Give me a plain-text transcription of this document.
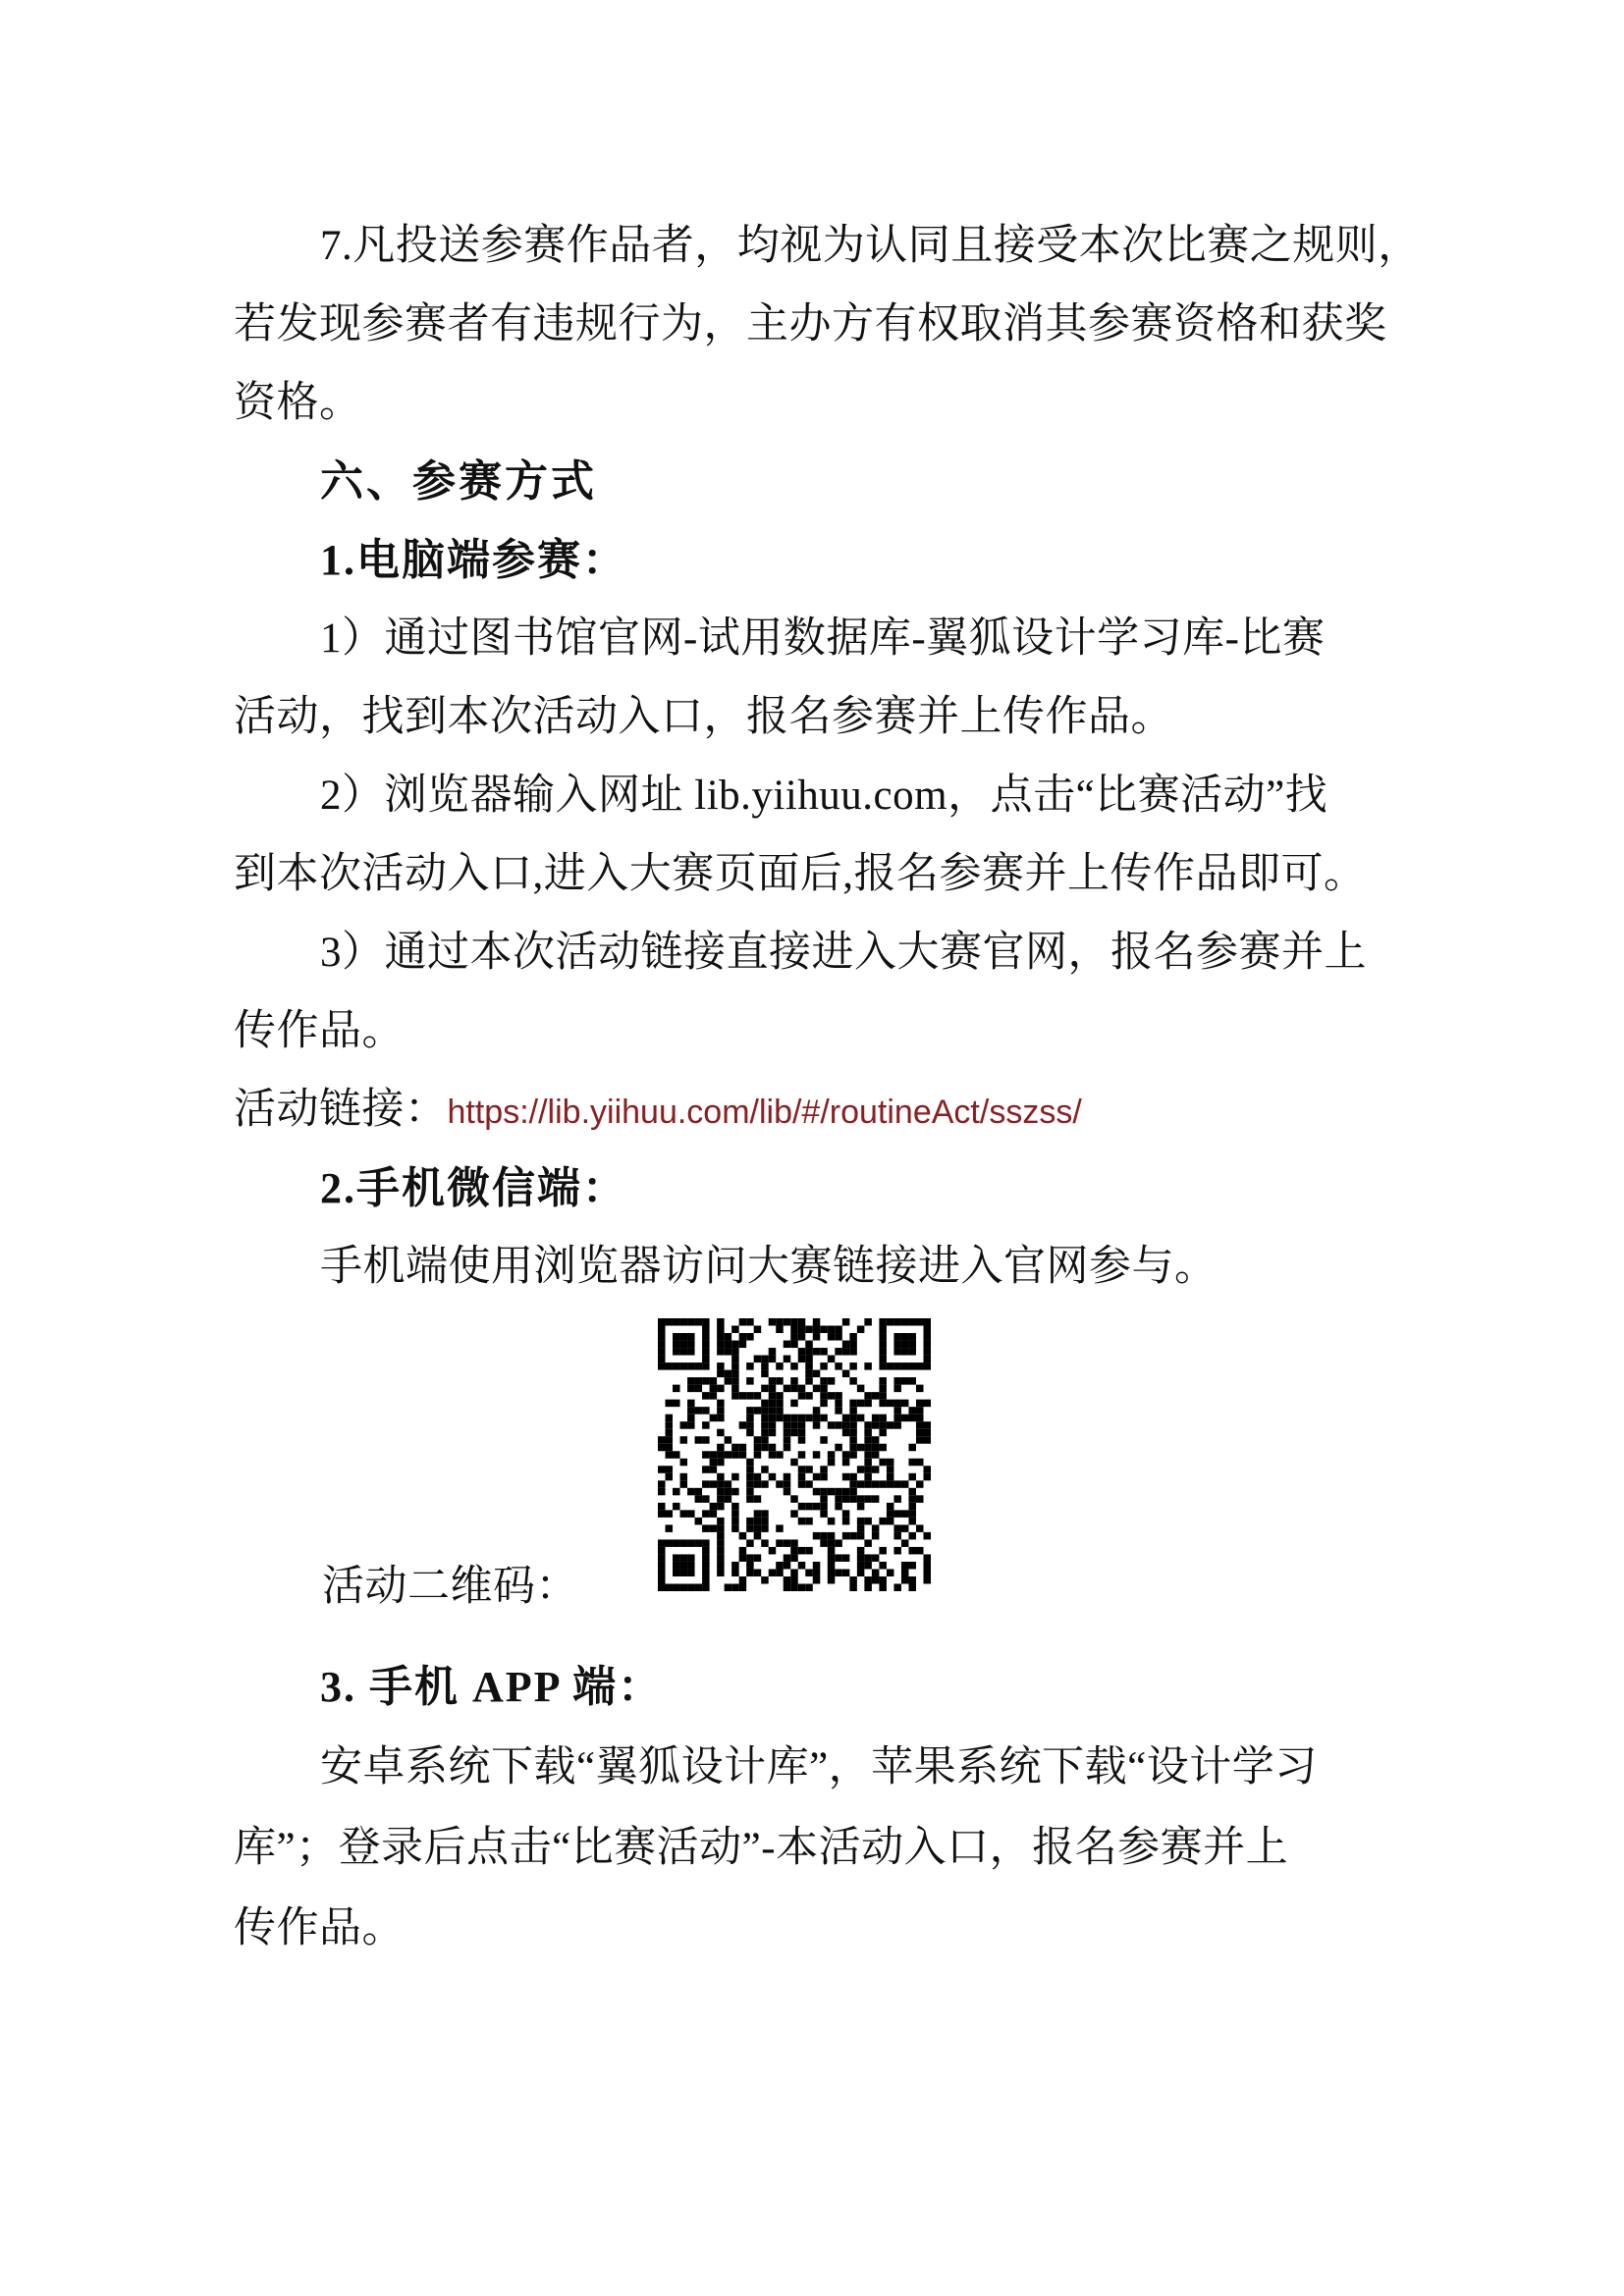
7.凡投送参赛作品者，均视为认同且接受本次比赛之规则，
若发现参赛者有违规行为，主办方有权取消其参赛资格和获奖
资格。
六、参赛方式
1.电脑端参赛：
1）通过图书馆官网-试用数据库-翼狐设计学习库-比赛
活动，找到本次活动入口，报名参赛并上传作品。
2）浏览器输入网址 lib.yiihuu.com，点击“比赛活动”找
到本次活动入口,进入大赛页面后,报名参赛并上传作品即可。
3）通过本次活动链接直接进入大赛官网，报名参赛并上
传作品。
活动链接：https://lib.yiihuu.com/lib/#/routineAct/sszss/
2.手机微信端：
手机端使用浏览器访问大赛链接进入官网参与。
活动二维码：
3. 手机 APP 端：
安卓系统下载“翼狐设计库”，苹果系统下载“设计学习
库”；登录后点击“比赛活动”-本活动入口，报名参赛并上
传作品。
